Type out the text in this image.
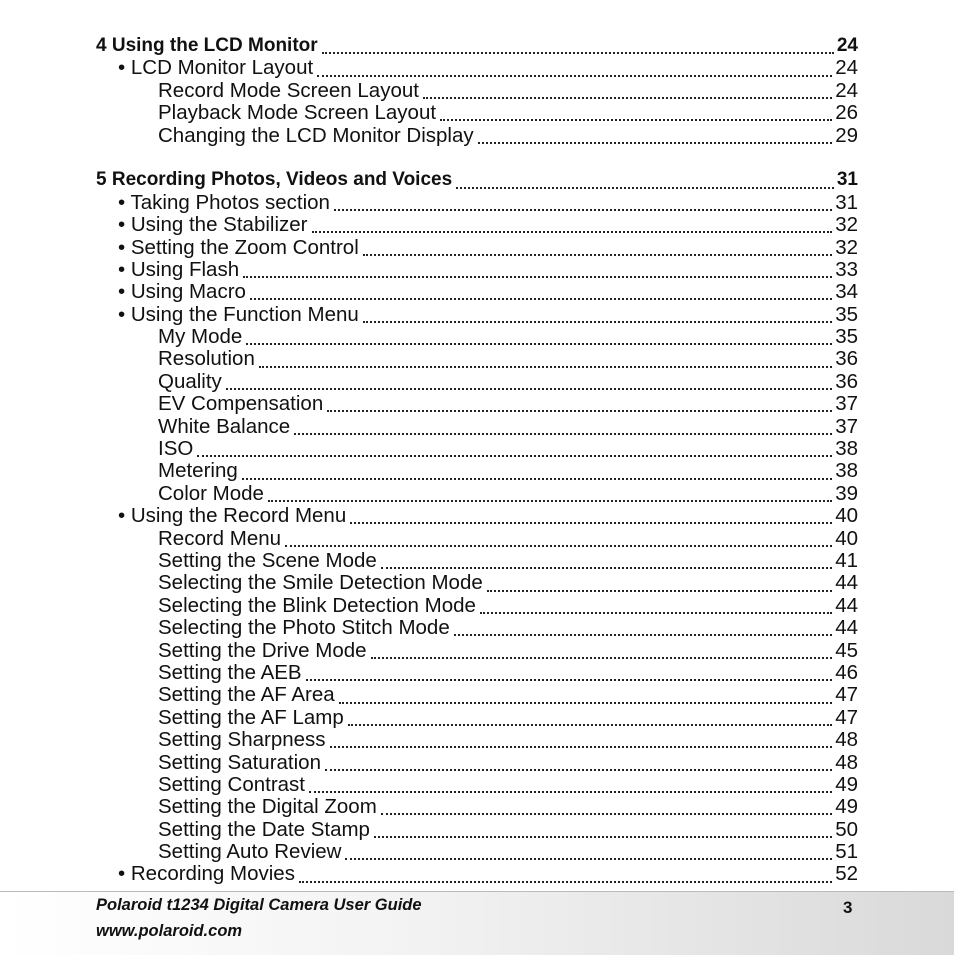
4 Using the LCD Monitor	24
• LCD Monitor Layout	24
Record Mode Screen Layout	24
Playback Mode Screen Layout	26
Changing the LCD Monitor Display	29
5 Recording Photos, Videos and Voices	31
• Taking Photos section	31
• Using the Stabilizer	32
• Setting the Zoom Control	32
• Using Flash	33
• Using Macro	34
• Using the Function Menu	35
My Mode	35
Resolution	36
Quality	36
EV Compensation	37
White Balance	37
ISO	38
Metering	38
Color Mode	39
• Using the Record Menu	40
Record Menu	40
Setting the Scene Mode	41
Selecting the Smile Detection Mode	44
Selecting the Blink Detection Mode	44
Selecting the Photo Stitch Mode	44
Setting the Drive Mode	45
Setting the AEB	46
Setting the AF Area	47
Setting the AF Lamp	47
Setting Sharpness	48
Setting Saturation	48
Setting Contrast	49
Setting the Digital Zoom	49
Setting the Date Stamp	50
Setting Auto Review	51
• Recording Movies	52
Polaroid t1234 Digital Camera User Guide
www.polaroid.com
3
